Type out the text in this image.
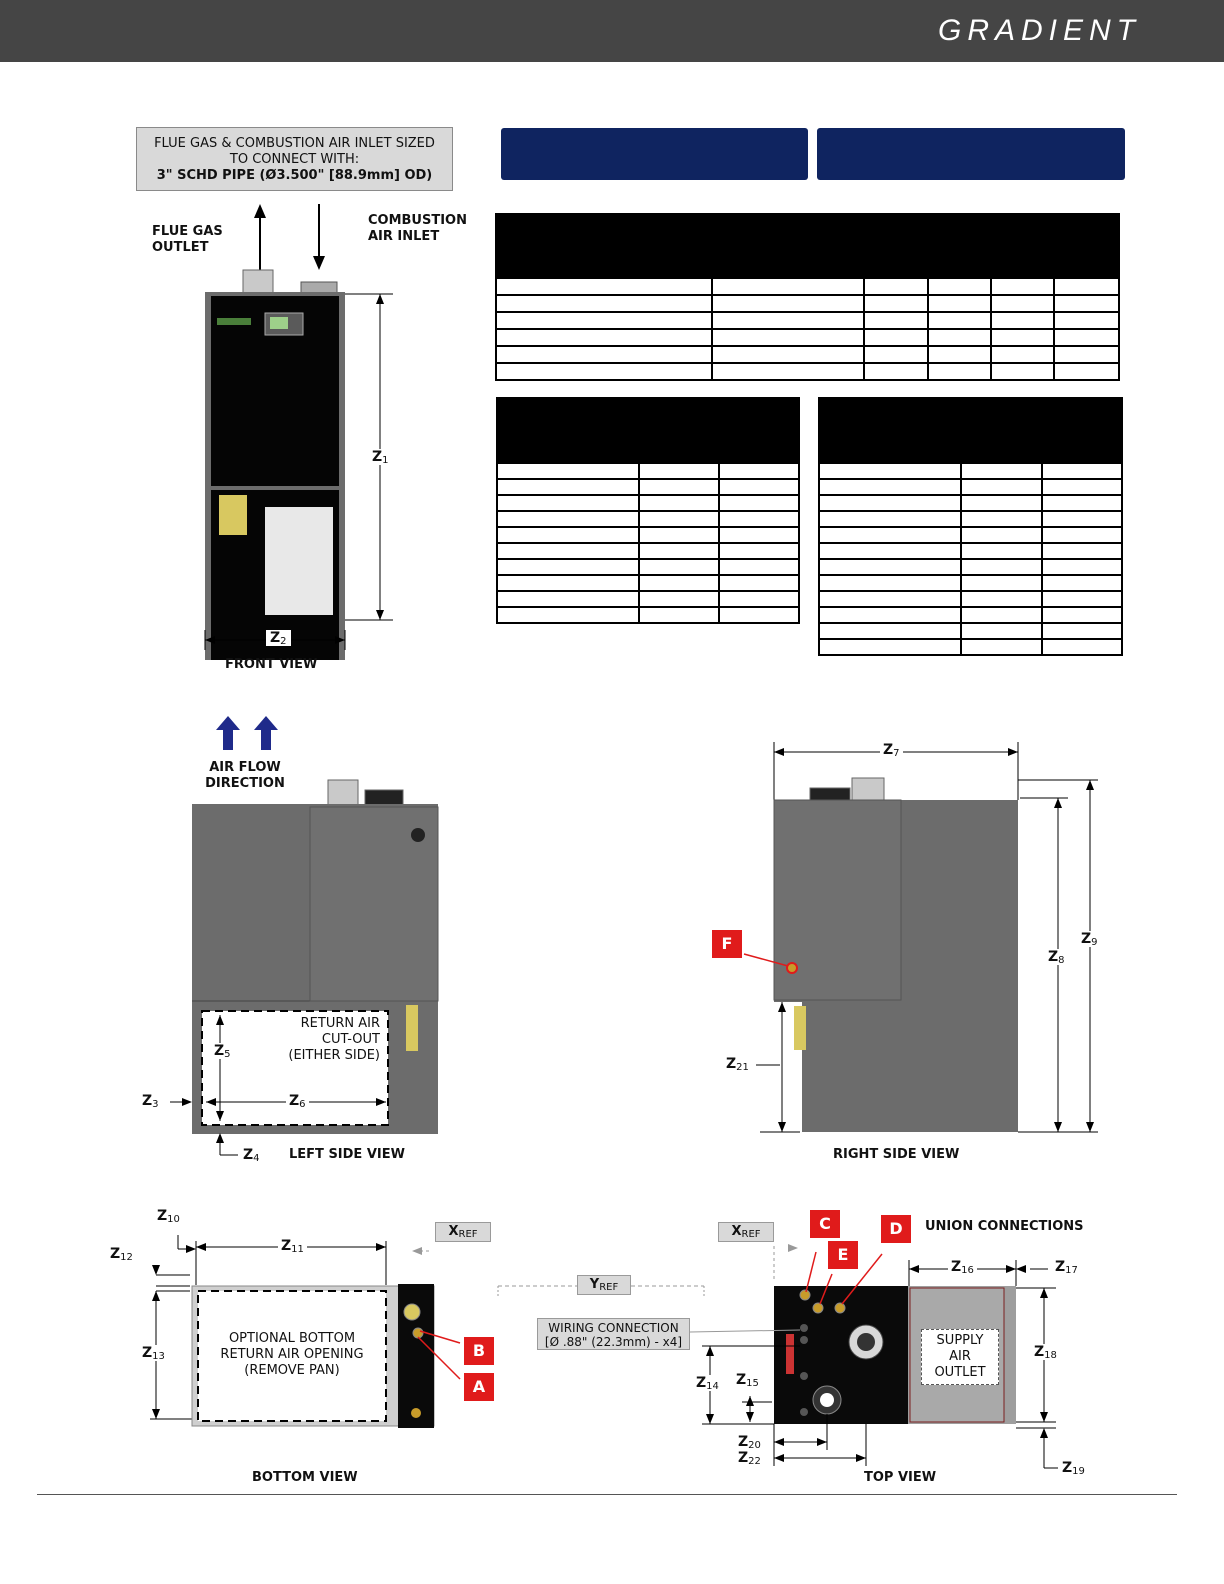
GRADIENT
FLUE GAS & COMBUSTION AIR INLET SIZED
TO CONNECT WITH:
3" SCHD PIPE (Ø3.500" [88.9mm] OD)

FLUE GAS
OUTLET
COMBUSTION
AIR INLET
$Z_1$
$Z_2$
FRONT VIEW
AIR FLOW
DIRECTION
RETURN AIR
CUT-OUT
(EITHER SIDE)
$Z_5$
$Z_6$
$Z_3$
$Z_4$ LEFT SIDE VIEW
$Z_7$
$Z_8$
$Z_9$
$Z_{21}$
F
RIGHT SIDE VIEW
$Z_{10}$
$Z_{11}$
$Z_{12}$
$Z_{13}$
$X_{REF}$
OPTIONAL BOTTOM
RETURN AIR OPENING
(REMOVE PAN)
B
A
BOTTOM VIEW
$Y_{REF}$
WIRING CONNECTION
[Ø .88" (22.3mm) - x4]
$X_{REF}$
UNION CONNECTIONS
C
E
D
SUPPLY
AIR
OUTLET
$Z_{16}$	$Z_{17}$
$Z_{18}$
$Z_{19}$
$Z_{14}$ $Z_{15}$
$Z_{20}$
$Z_{22}$
TOP VIEW
